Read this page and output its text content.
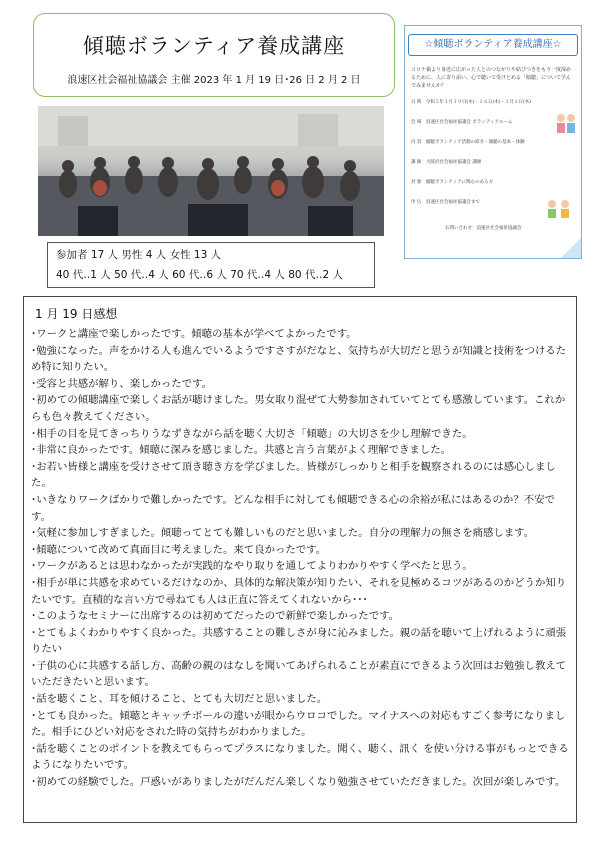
傾聴ボランティア養成講座
浪速区社会福祉協議会 主催 2023 年 1 月 19 日･26 日 2 月 2 日
☆傾聴ボランティア養成講座☆
コロナ禍より身近に広がった人とのつながりや結びつきをもう一度深めるために、人に寄り添い、心で聴いて受けとめる「傾聴」について学んでみませんか？
日 時　令和５年１月１９日(木)・２６日(木)・２月２日(木)
会 場　浪速区社会福祉協議会 ボランティアルーム
内 容　傾聴ボランティア活動の紹介・傾聴の基本・体験
講 師　大阪府社会福祉協議会 講師
対 象　傾聴ボランティアに関心のある方
申 込　浪速区社会福祉協議会まで
お問い合わせ：浪速区社会福祉協議会
参加者 17 人 男性 4 人 女性 13 人
40 代‥1 人 50 代‥4 人 60 代‥6 人 70 代‥4 人 80 代‥2 人
1 月 19 日感想
･ワークと講座で楽しかったです。傾聴の基本が学べてよかったです。
･勉強になった。声をかける人も進んでいるようですさすがだなと、気持ちが大切だと思うが知識と技術をつけるため特に知りたい。
･受容と共感が解り、楽しかったです。
･初めての傾聴講座で楽しくお話が聴けました。男女取り混ぜて大勢参加されていてとても感激しています。これからも色々教えてください。
･相手の目を見てきっちりうなずきながら話を聴く大切さ「傾聴」の大切さを少し理解できた。
･非常に良かったです。傾聴に深みを感じました。共感と言う言葉がよく理解できました。
･お若い皆様と講座を受けさせて頂き聴き方を学びました。皆様がしっかりと相手を観察されるのには感心しました。
･いきなりワークばかりで難しかったです。どんな相手に対しても傾聴できる心の余裕が私にはあるのか？不安です。
･気軽に参加しすぎました。傾聴ってとても難しいものだと思いました。自分の理解力の無さを痛感します。
･傾聴について改めて真面目に考えました。来て良かったです。
･ワークがあるとは思わなかったが実践的なやり取りを通してよりわかりやすく学べたと思う。
･相手が単に共感を求めているだけなのか、具体的な解決策が知りたい、それを見極めるコツがあるのかどうか知りたいです。直積的な言い方で尋ねても人は正直に答えてくれないから･･･
･このようなセミナーに出席するのは初めてだったので新鮮で楽しかったです。
･とてもよくわかりやすく良かった。共感することの難しさが身に沁みました。親の話を聴いて上げれるように頑張りたい
･子供の心に共感する話し方、高齢の親のはなしを聞いてあげられることが素直にできるよう次回はお勉強し教えていただきたいと思います。
･話を聴くこと、耳を傾けること、とても大切だと思いました。
･とても良かった。傾聴とキャッチボールの違いが眼からウロコでした。マイナスへの対応もすごく参考になりました。相手にひどい対応をされた時の気持ちがわかりました。
･話を聴くことのポイントを教えてもらってプラスになりました。聞く、聴く、訊く を使い分ける事がもっとできるようになりたいです。
･初めての経験でした。戸惑いがありましたがだんだん楽しくなり勉強させていただきました。次回が楽しみです。
